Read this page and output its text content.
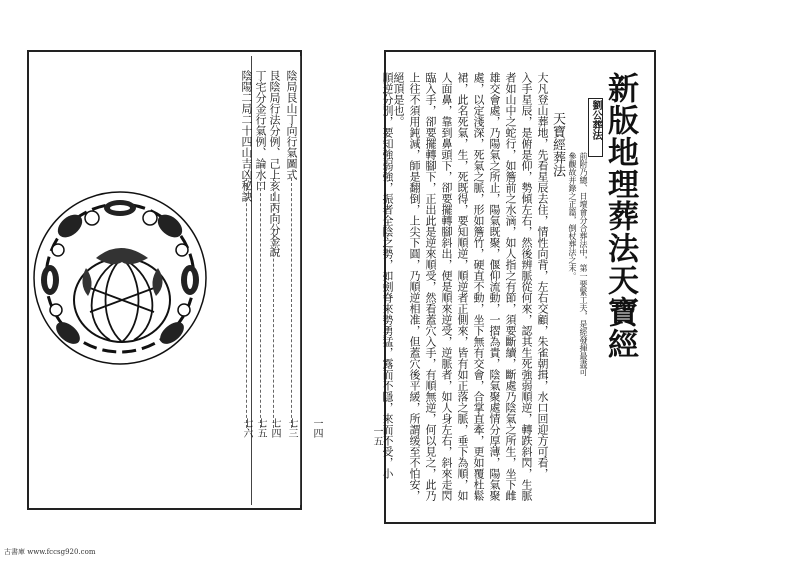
陰局艮山丁向行氣圖式
艮陰局行法分例、己上亥山丙向分金說
丁宅分金行氣例、論水口
陰陽二局二十四山吉凶秘訣
七三
七四
七五
七六	一四	一五
新版地理葬法天寶經
劉公葬法
前附乃總、日壇會分合葬法中，第一要緊工夫，是經發揮最盡可
參觀故并錄之正篇，倒杖葬法之末。
天寶經葬法
大凡登山葬地，先看星辰去住，情性向背，左右交顧，朱雀朝揖，水口回迎方可看，
入手星辰，是俯是仰，勢傾左右，然後辨脈從何來，認其生死強弱順逆，轉跌斜閃，生脈
者如山中之蛇行，如簷前之水滴，如人指之有節，須要斷續，斷處乃陰氣之所生，坐下雌
雄交會處，乃陽氣之所止，陽氣既聚，偃仰流動，一摺為貴，陰氣聚處情分厚薄，陽氣聚
處，以定淺深，死氣之脈，形如簷竹，硬直不動，坐下無有交會，合掌直牽，更如覆杜鬆
裙，此名死氣，生，死既得，要知順逆，順逆者正側來，皆有如正落之脈，垂下為順，如
人面鼻，靠到鼻頭下，卻要擺轉腳斜出，便是順來逆受，逆脈者，如人身左右，斜來走閃
臨入手，卻要擺轉腳下，正出此是逆來順受，然看蓋穴入手，有順無逆，何以見之，此乃
上往不須用鈍減，師是翻倒，上尖下圓，乃順逆相准，但蓋穴後平緩，所謂缓至不怕安，
絕頂是也。
順逆分別，要知強弱強，振者全陰之勢，如劍脊來勢勇猛，露而不隱，來而不受，小
古書庫 www.fccsg920.com
